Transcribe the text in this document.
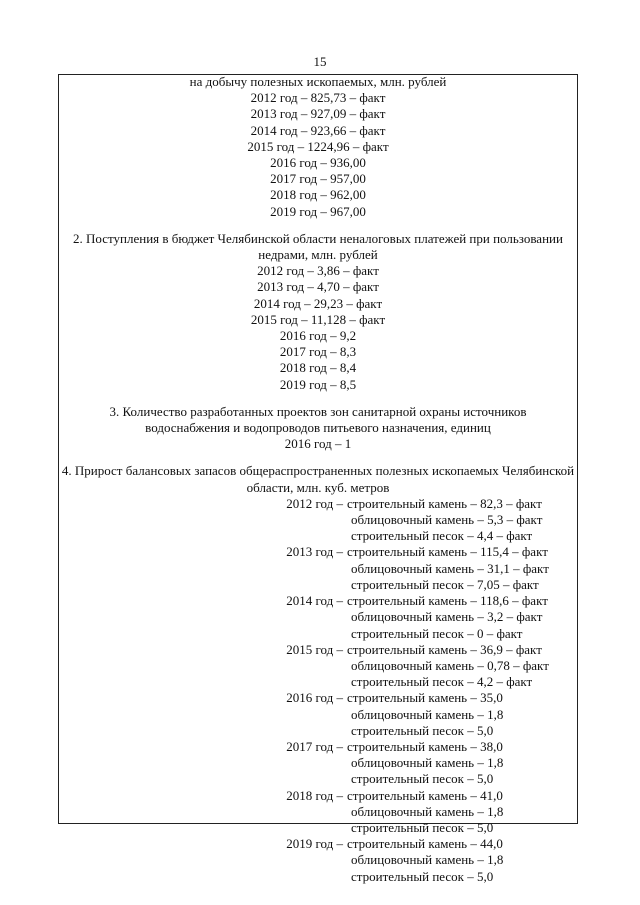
15
на добычу полезных ископаемых, млн. рублей
2012 год – 825,73 – факт
2013 год – 927,09 – факт
2014 год – 923,66 – факт
2015 год – 1224,96 – факт
2016 год – 936,00
2017 год – 957,00
2018 год – 962,00
2019 год – 967,00
2. Поступления в бюджет Челябинской области неналоговых платежей при пользовании
недрами, млн. рублей
2012 год – 3,86 – факт
2013 год – 4,70 – факт
2014 год – 29,23 – факт
2015 год – 11,128 – факт
2016 год – 9,2
2017 год – 8,3
2018 год – 8,4
2019 год – 8,5
3. Количество разработанных проектов зон санитарной охраны источников
водоснабжения и водопроводов питьевого назначения, единиц
2016 год – 1
4. Прирост балансовых запасов общераспространенных полезных ископаемых Челябинской
области, млн. куб. метров
2012 год – строительный камень – 82,3 – факт
облицовочный камень – 5,3 – факт
строительный песок – 4,4 – факт
2013 год – строительный камень – 115,4 – факт
облицовочный камень – 31,1 – факт
строительный песок – 7,05 – факт
2014 год – строительный камень – 118,6 – факт
облицовочный камень – 3,2 – факт
строительный песок – 0 – факт
2015 год – строительный камень – 36,9 – факт
облицовочный камень – 0,78 – факт
строительный песок – 4,2 – факт
2016 год – строительный камень – 35,0
облицовочный камень – 1,8
строительный песок – 5,0
2017 год – строительный камень – 38,0
облицовочный камень – 1,8
строительный песок – 5,0
2018 год – строительный камень – 41,0
облицовочный камень – 1,8
строительный песок – 5,0
2019 год – строительный камень – 44,0
облицовочный камень – 1,8
строительный песок – 5,0
